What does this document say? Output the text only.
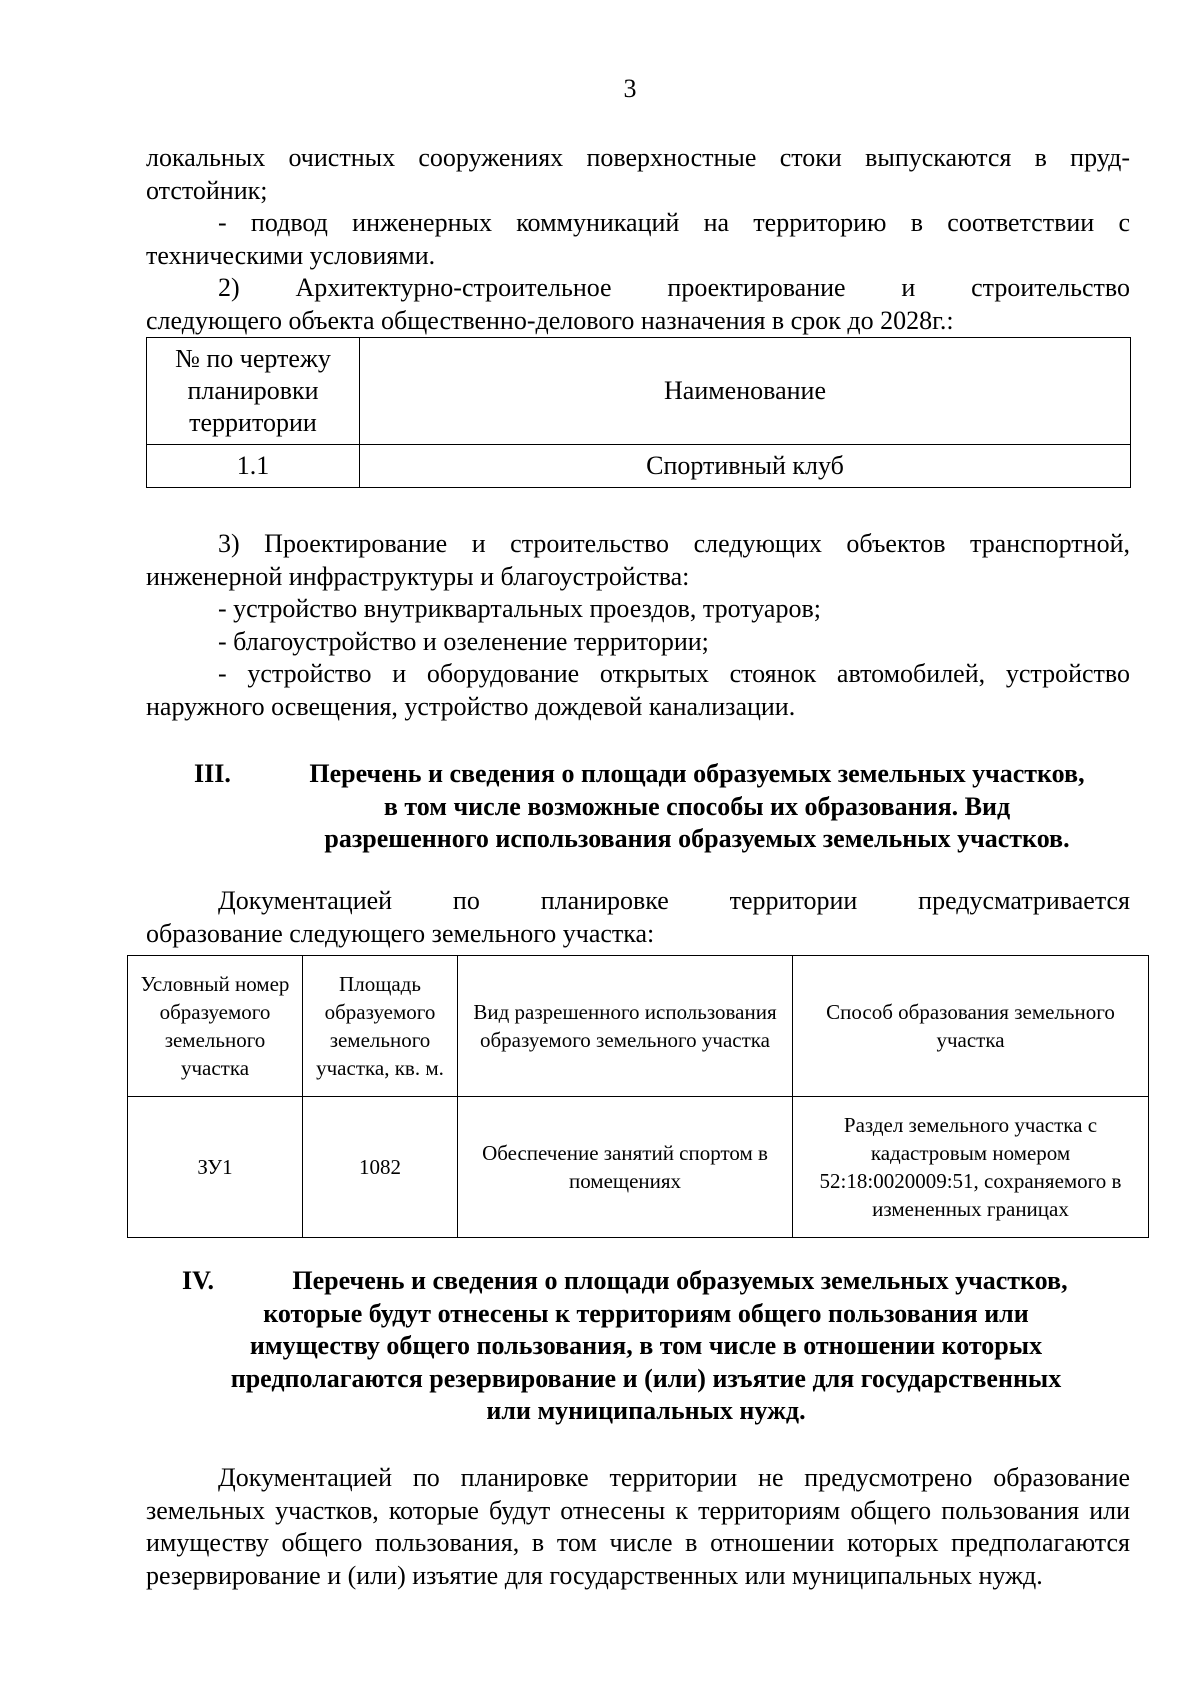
3

локальных очистных сооружениях поверхностные стоки выпускаются в пруд-

отстойник;

- подвод инженерных коммуникаций на территорию в соответствии с техническими условиями.

2) Архитектурно-строительное проектирование и строительство

следующего объекта общественно-делового назначения в срок до 2028г.:

№ по чертежу планировки территории	Наименование
1.1	Спортивный клуб

3) Проектирование и строительство следующих объектов транспортной, инженерной инфраструктуры и благоустройства:

- устройство внутриквартальных проездов, тротуаров;

- благоустройство и озеленение территории;

- устройство и оборудование открытых стоянок автомобилей, устройство наружного освещения, устройство дождевой канализации.

III.	Перечень и сведения о площади образуемых земельных участков,
в том числе возможные способы их образования. Вид
разрешенного использования образуемых земельных участков.

Документацией по планировке территории предусматривается

образование следующего земельного участка:

Условный номер образуемого земельного участка	Площадь образуемого земельного участка, кв. м.	Вид разрешенного использования образуемого земельного участка	Способ образования земельного участка
ЗУ1	1082	Обеспечение занятий спортом в помещениях	Раздел земельного участка с кадастровым номером 52:18:0020009:51, сохраняемого в измененных границах
IV.	Перечень и сведения о площади образуемых земельных участков,
которые будут отнесены к территориям общего пользования или
имуществу общего пользования, в том числе в отношении которых
предполагаются резервирование и (или) изъятие для государственных
или муниципальных нужд.

Документацией по планировке территории не предусмотрено образование земельных участков, которые будут отнесены к территориям общего пользования или имуществу общего пользования, в том числе в отношении которых предполагаются резервирование и (или) изъятие для государственных или муниципальных нужд.
